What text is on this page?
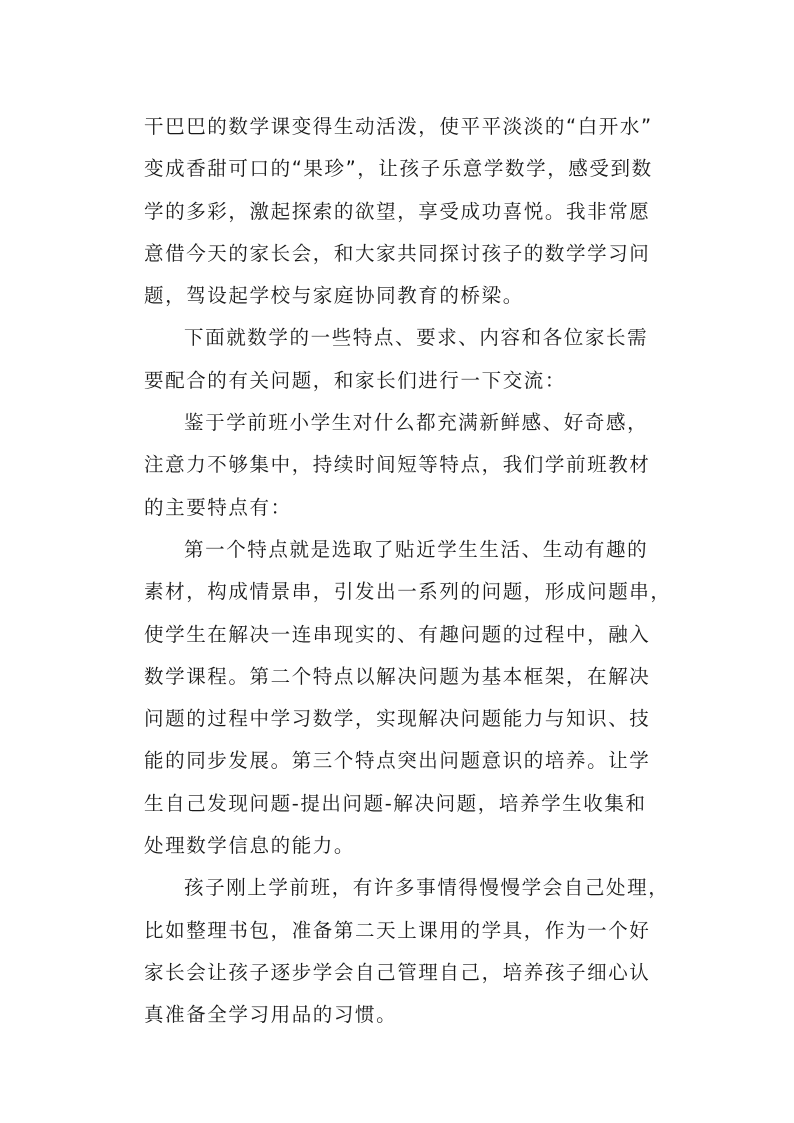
干巴巴的数学课变得生动活泼，使平平淡淡的“白开水”
变成香甜可口的“果珍”，让孩子乐意学数学，感受到数
学的多彩，激起探索的欲望，享受成功喜悦。我非常愿
意借今天的家长会，和大家共同探讨孩子的数学学习问
题，驾设起学校与家庭协同教育的桥梁。
下面就数学的一些特点、要求、内容和各位家长需
要配合的有关问题，和家长们进行一下交流：
鉴于学前班小学生对什么都充满新鲜感、好奇感，
注意力不够集中，持续时间短等特点，我们学前班教材
的主要特点有：
第一个特点就是选取了贴近学生生活、生动有趣的
素材，构成情景串，引发出一系列的问题，形成问题串，
使学生在解决一连串现实的、有趣问题的过程中，融入
数学课程。第二个特点以解决问题为基本框架，在解决
问题的过程中学习数学，实现解决问题能力与知识、技
能的同步发展。第三个特点突出问题意识的培养。让学
生自己发现问题-提出问题-解决问题，培养学生收集和
处理数学信息的能力。
孩子刚上学前班，有许多事情得慢慢学会自己处理，
比如整理书包，准备第二天上课用的学具，作为一个好
家长会让孩子逐步学会自己管理自己，培养孩子细心认
真准备全学习用品的习惯。
